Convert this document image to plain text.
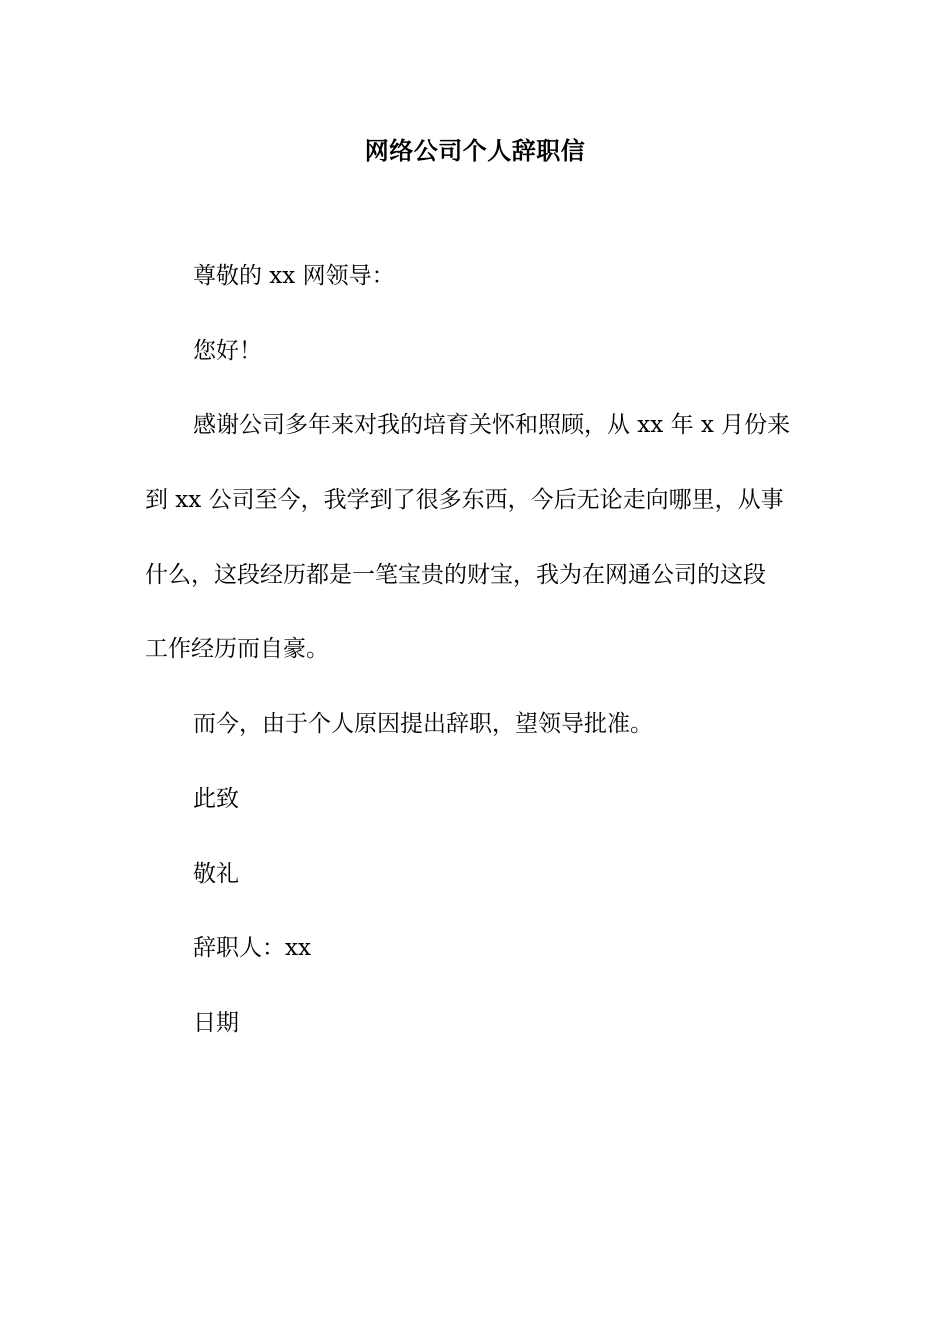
网络公司个人辞职信
尊敬的 xx 网领导：
您好！
感谢公司多年来对我的培育关怀和照顾，从 xx 年 x 月份来
到 xx 公司至今，我学到了很多东西，今后无论走向哪里，从事
什么，这段经历都是一笔宝贵的财宝，我为在网通公司的这段
工作经历而自豪。
而今，由于个人原因提出辞职，望领导批准。
此致
敬礼
辞职人：xx
日期
